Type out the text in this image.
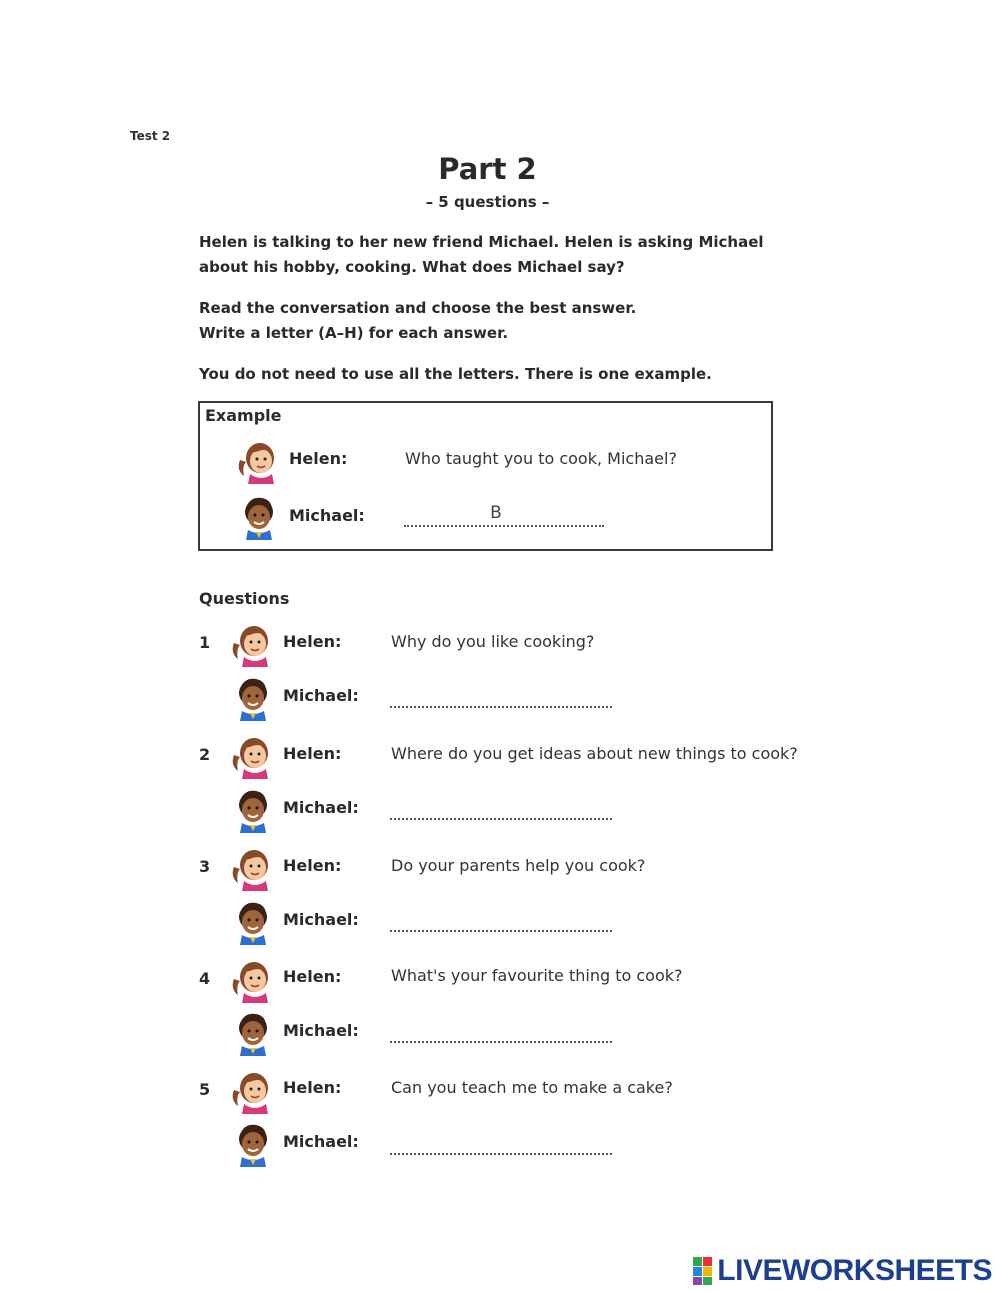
Test 2
Part 2
– 5 questions –
Helen is talking to her new friend Michael. Helen is asking Michael
about his hobby, cooking. What does Michael say?
Read the conversation and choose the best answer.
Write a letter (A–H) for each answer.
You do not need to use all the letters. There is one example.
Example
Helen:	Who taught you to cook, Michael?
Michael:	B
Questions
1	Helen:	Why do you like cooking?
Michael:
2	Helen:	Where do you get ideas about new things to cook?
Michael:
3	Helen:	Do your parents help you cook?
Michael:
4	Helen:	What's your favourite thing to cook?
Michael:
5	Helen:	Can you teach me to make a cake?
Michael:
LIVEWORKSHEETS
